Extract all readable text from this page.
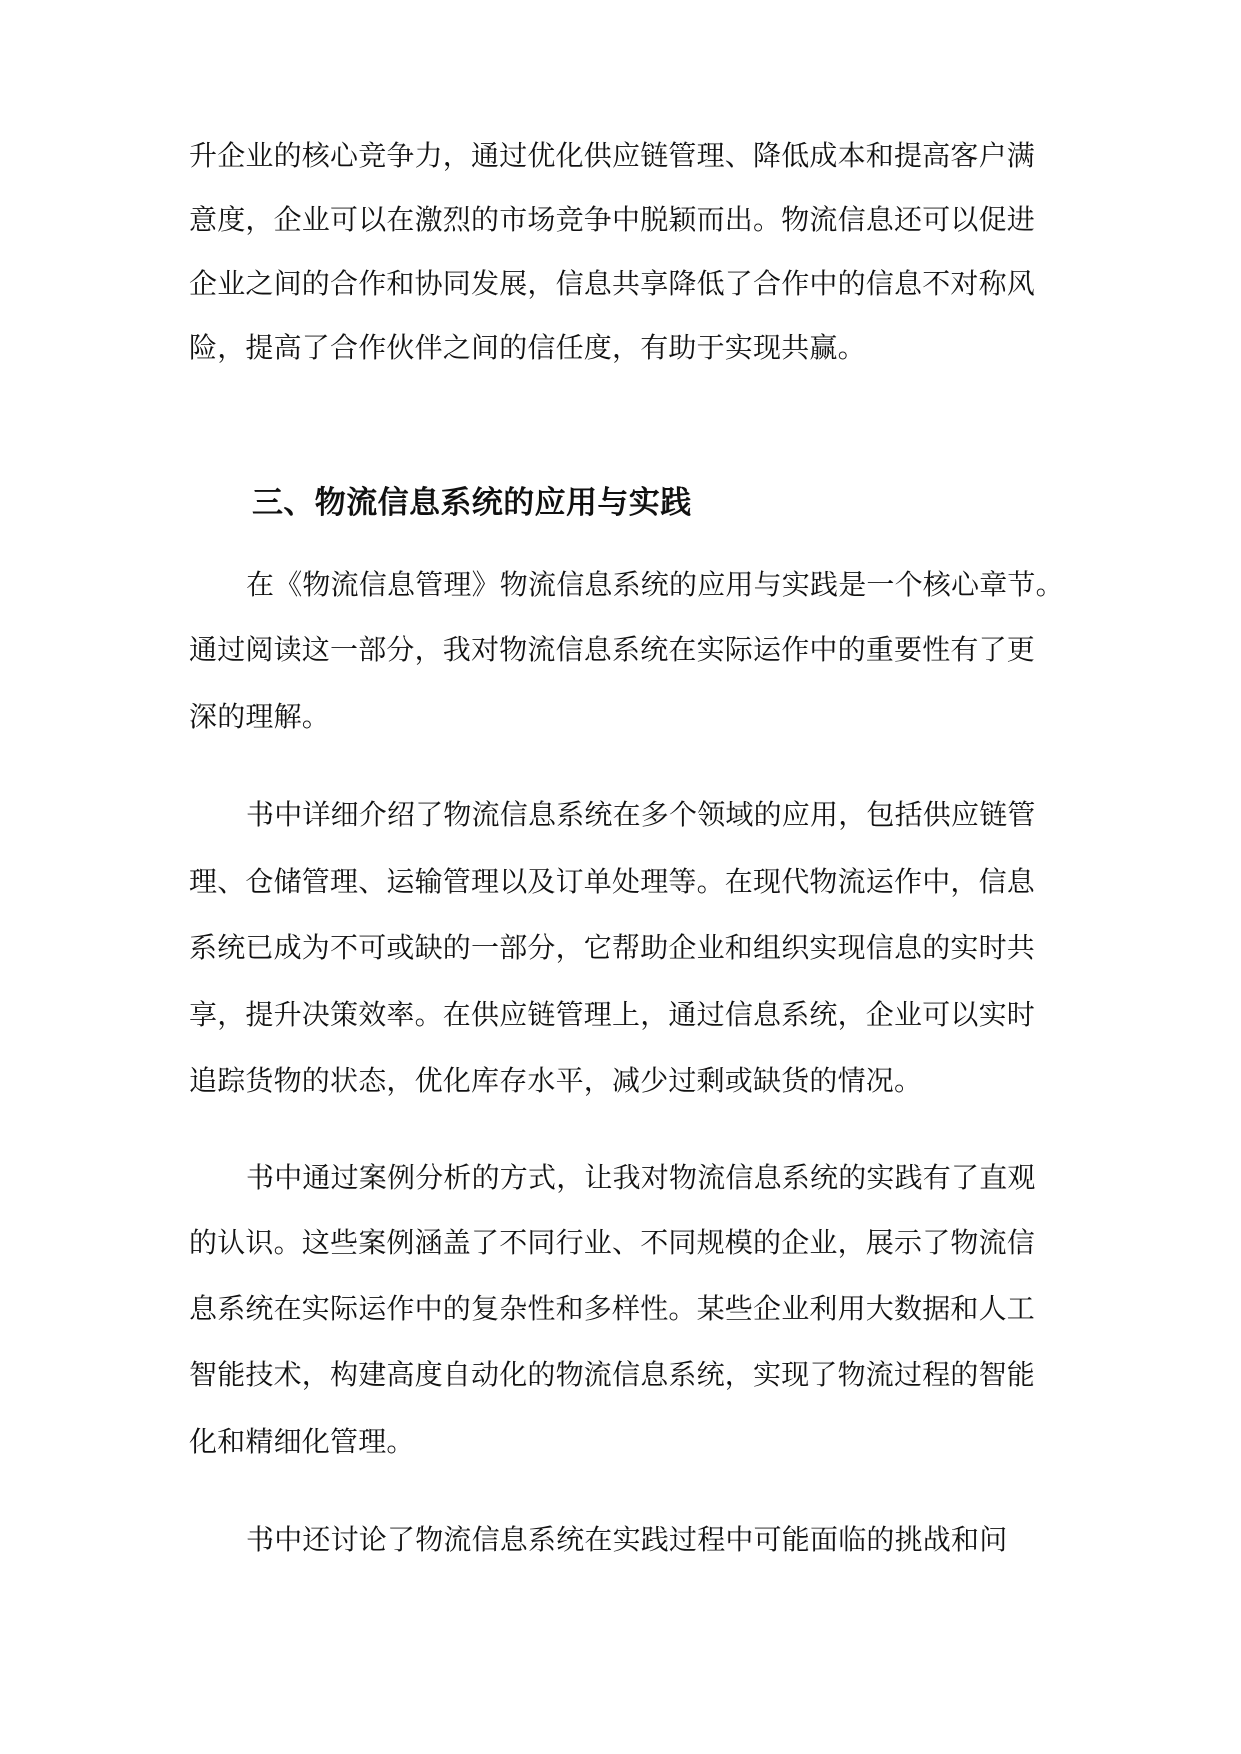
升企业的核心竞争力，通过优化供应链管理、降低成本和提高客户满
意度，企业可以在激烈的市场竞争中脱颖而出。物流信息还可以促进
企业之间的合作和协同发展，信息共享降低了合作中的信息不对称风
险，提高了合作伙伴之间的信任度，有助于实现共赢。
三、物流信息系统的应用与实践
在《物流信息管理》物流信息系统的应用与实践是一个核心章节。
通过阅读这一部分，我对物流信息系统在实际运作中的重要性有了更
深的理解。
书中详细介绍了物流信息系统在多个领域的应用，包括供应链管
理、仓储管理、运输管理以及订单处理等。在现代物流运作中，信息
系统已成为不可或缺的一部分，它帮助企业和组织实现信息的实时共
享，提升决策效率。在供应链管理上，通过信息系统，企业可以实时
追踪货物的状态，优化库存水平，减少过剩或缺货的情况。
书中通过案例分析的方式，让我对物流信息系统的实践有了直观
的认识。这些案例涵盖了不同行业、不同规模的企业，展示了物流信
息系统在实际运作中的复杂性和多样性。某些企业利用大数据和人工
智能技术，构建高度自动化的物流信息系统，实现了物流过程的智能
化和精细化管理。
书中还讨论了物流信息系统在实践过程中可能面临的挑战和问
